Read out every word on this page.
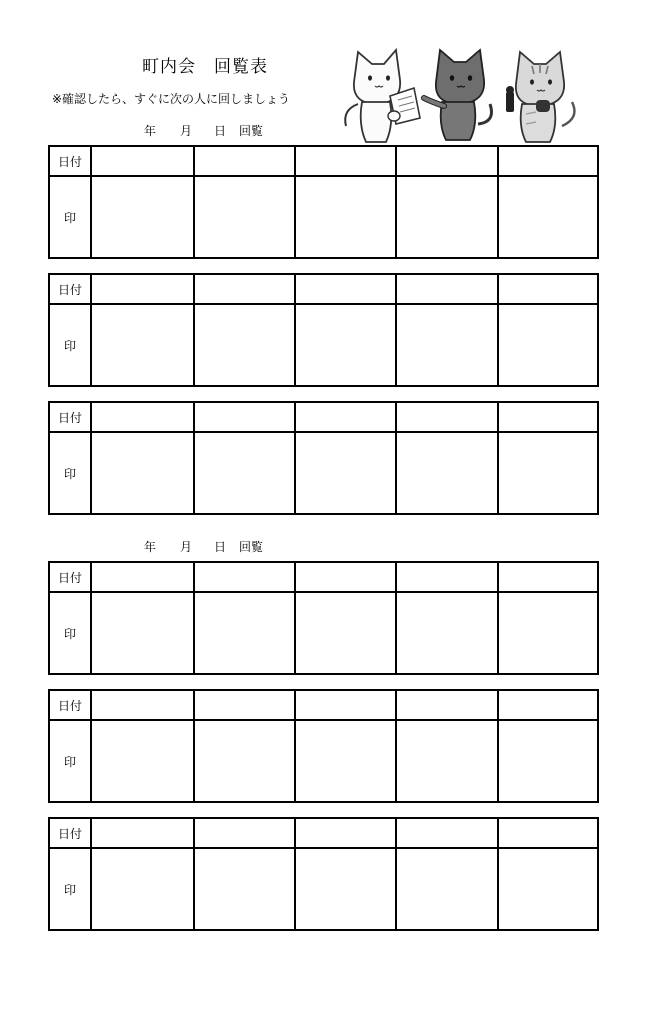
町内会　回覧表
※確認したら、すぐに次の人に回しましょう
年 月 日 回覧
年 月 日 回覧
日付
印
日付
印
日付
印
日付
印
日付
印
日付
印
